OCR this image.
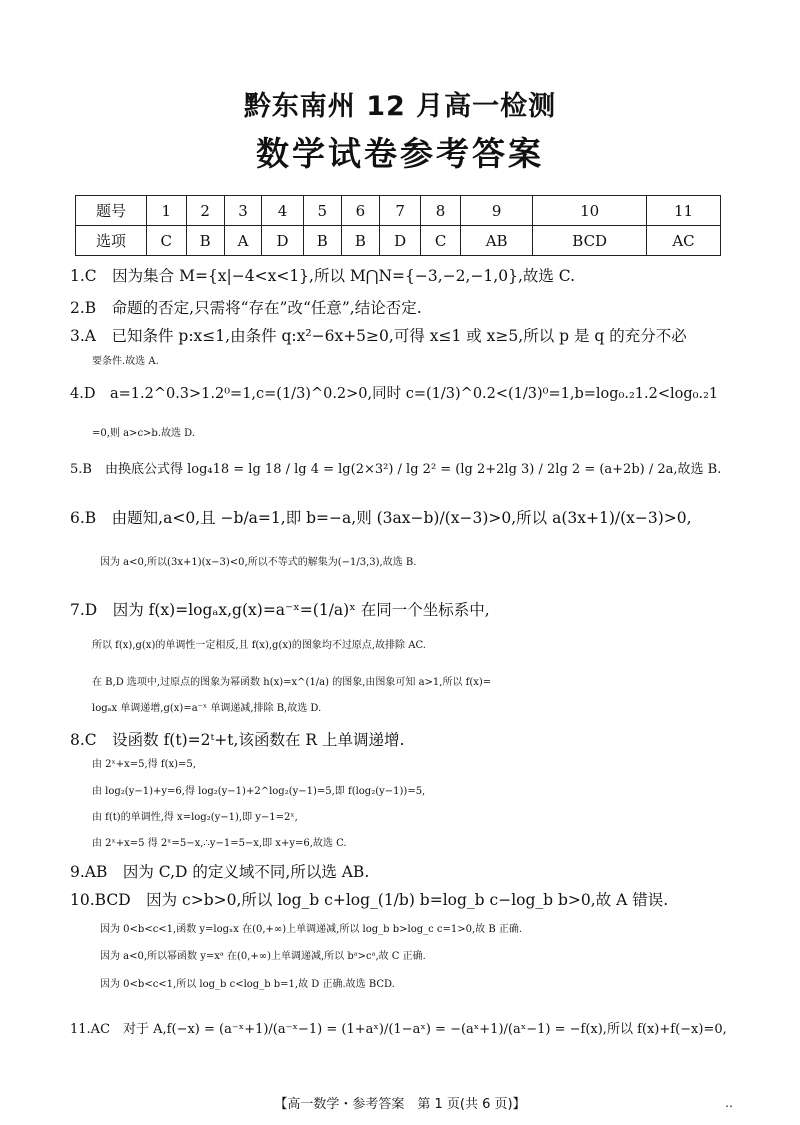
黔东南州 12 月高一检测
数学试卷参考答案
题号	1	2	3	4	5	6	7	8	9	10	11
选项	C	B	A	D	B	B	D	C	AB	BCD	AC
1.C　因为集合 M={x|−4<x<1},所以 M⋂N={−3,−2,−1,0},故选 C.
2.B　命题的否定,只需将“存在”改“任意”,结论否定.
3.A　已知条件 p:x≤1,由条件 q:x²−6x+5≥0,可得 x≤1 或 x≥5,所以 p 是 q 的充分不必
要条件.故选 A.
4.D　a=1.2^0.3>1.2⁰=1,c=(1/3)^0.2>0,同时 c=(1/3)^0.2<(1/3)⁰=1,b=log₀.₂1.2<log₀.₂1
=0,则 a>c>b.故选 D.
5.B　由换底公式得 log₄18 = lg 18 / lg 4 = lg(2×3²) / lg 2² = (lg 2+2lg 3) / 2lg 2 = (a+2b) / 2a,故选 B.
6.B　由题知,a<0,且 −b/a=1,即 b=−a,则 (3ax−b)/(x−3)>0,所以 a(3x+1)/(x−3)>0,
因为 a<0,所以(3x+1)(x−3)<0,所以不等式的解集为(−1/3,3),故选 B.
7.D　因为 f(x)=logₐx,g(x)=a⁻ˣ=(1/a)ˣ 在同一个坐标系中,
所以 f(x),g(x)的单调性一定相反,且 f(x),g(x)的图象均不过原点,故排除 AC.
在 B,D 选项中,过原点的图象为幂函数 h(x)=x^(1/a) 的图象,由图象可知 a>1,所以 f(x)=
logₐx 单调递增,g(x)=a⁻ˣ 单调递减,排除 B,故选 D.
8.C　设函数 f(t)=2ᵗ+t,该函数在 R 上单调递增.
由 2ˣ+x=5,得 f(x)=5,
由 log₂(y−1)+y=6,得 log₂(y−1)+2^log₂(y−1)=5,即 f(log₂(y−1))=5,
由 f(t)的单调性,得 x=log₂(y−1),即 y−1=2ˣ,
由 2ˣ+x=5 得 2ˣ=5−x,∴y−1=5−x,即 x+y=6,故选 C.
9.AB　因为 C,D 的定义域不同,所以选 AB.
10.BCD　因为 c>b>0,所以 log_b c+log_(1/b) b=log_b c−log_b b>0,故 A 错误.
因为 0<b<c<1,函数 y=logₓx 在(0,+∞)上单调递减,所以 log_b b>log_c c=1>0,故 B 正确.
因为 a<0,所以幂函数 y=xᵃ 在(0,+∞)上单调递减,所以 bᵃ>cᵃ,故 C 正确.
因为 0<b<c<1,所以 log_b c<log_b b=1,故 D 正确.故选 BCD.
11.AC　对于 A,f(−x) = (a⁻ˣ+1)/(a⁻ˣ−1) = (1+aˣ)/(1−aˣ) = −(aˣ+1)/(aˣ−1) = −f(x),所以 f(x)+f(−x)=0,
【高一数学・参考答案　第 1 页(共 6 页)】	‥
